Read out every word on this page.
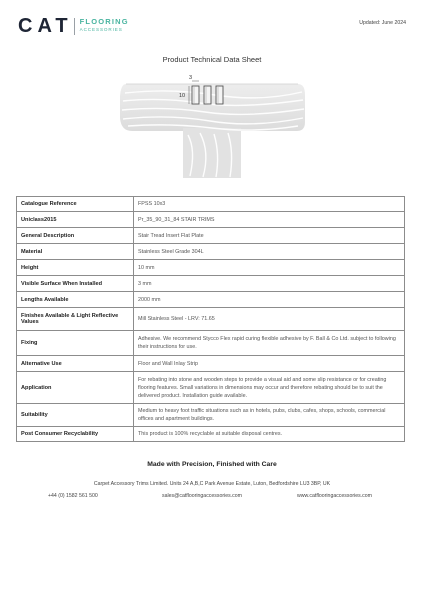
CAT FLOORING
ACCESSORIES
Updated: June 2024
Product Technical Data Sheet
3
10
Catalogue Reference	FPSS 10x3
Uniclass2015	Pr_35_90_31_84 STAIR TRIMS
General Description	Stair Tread Insert Flat Plate
Material	Stainless Steel Grade 304L
Height	10 mm
Visible Surface When Installed	3 mm
Lengths Available	2000 mm
Finishes Available & Light Reflective Values	Mill Stainless Steel - LRV: 71.65
Fixing	Adhesive. We recommend Stycco Flex rapid curing flexible adhesive by F. Ball & Co Ltd. subject to following their instructions for use.
Alternative Use	Floor and Wall Inlay Strip
Application	For rebating into stone and wooden steps to provide a visual aid and some slip resistance or for creating flooring features. Small variations in dimensions may occur and therefore rebating should be to suit the delivered product. Installation guide available.
Suitability	Medium to heavy foot traffic situations such as in hotels, pubs, clubs, cafes, shops, schools, commercial offices and apartment buildings.
Post Consumer Recyclability	This product is 100% recyclable at suitable disposal centres.
Made with Precision, Finished with Care
Carpet Accessory Trims Limited. Units 24 A,B,C Park Avenue Estate, Luton, Bedfordshire LU3 3BP, UK
+44 (0) 1582 561 500	sales@catflooringaccessories.com	www.catflooringaccessories.com
